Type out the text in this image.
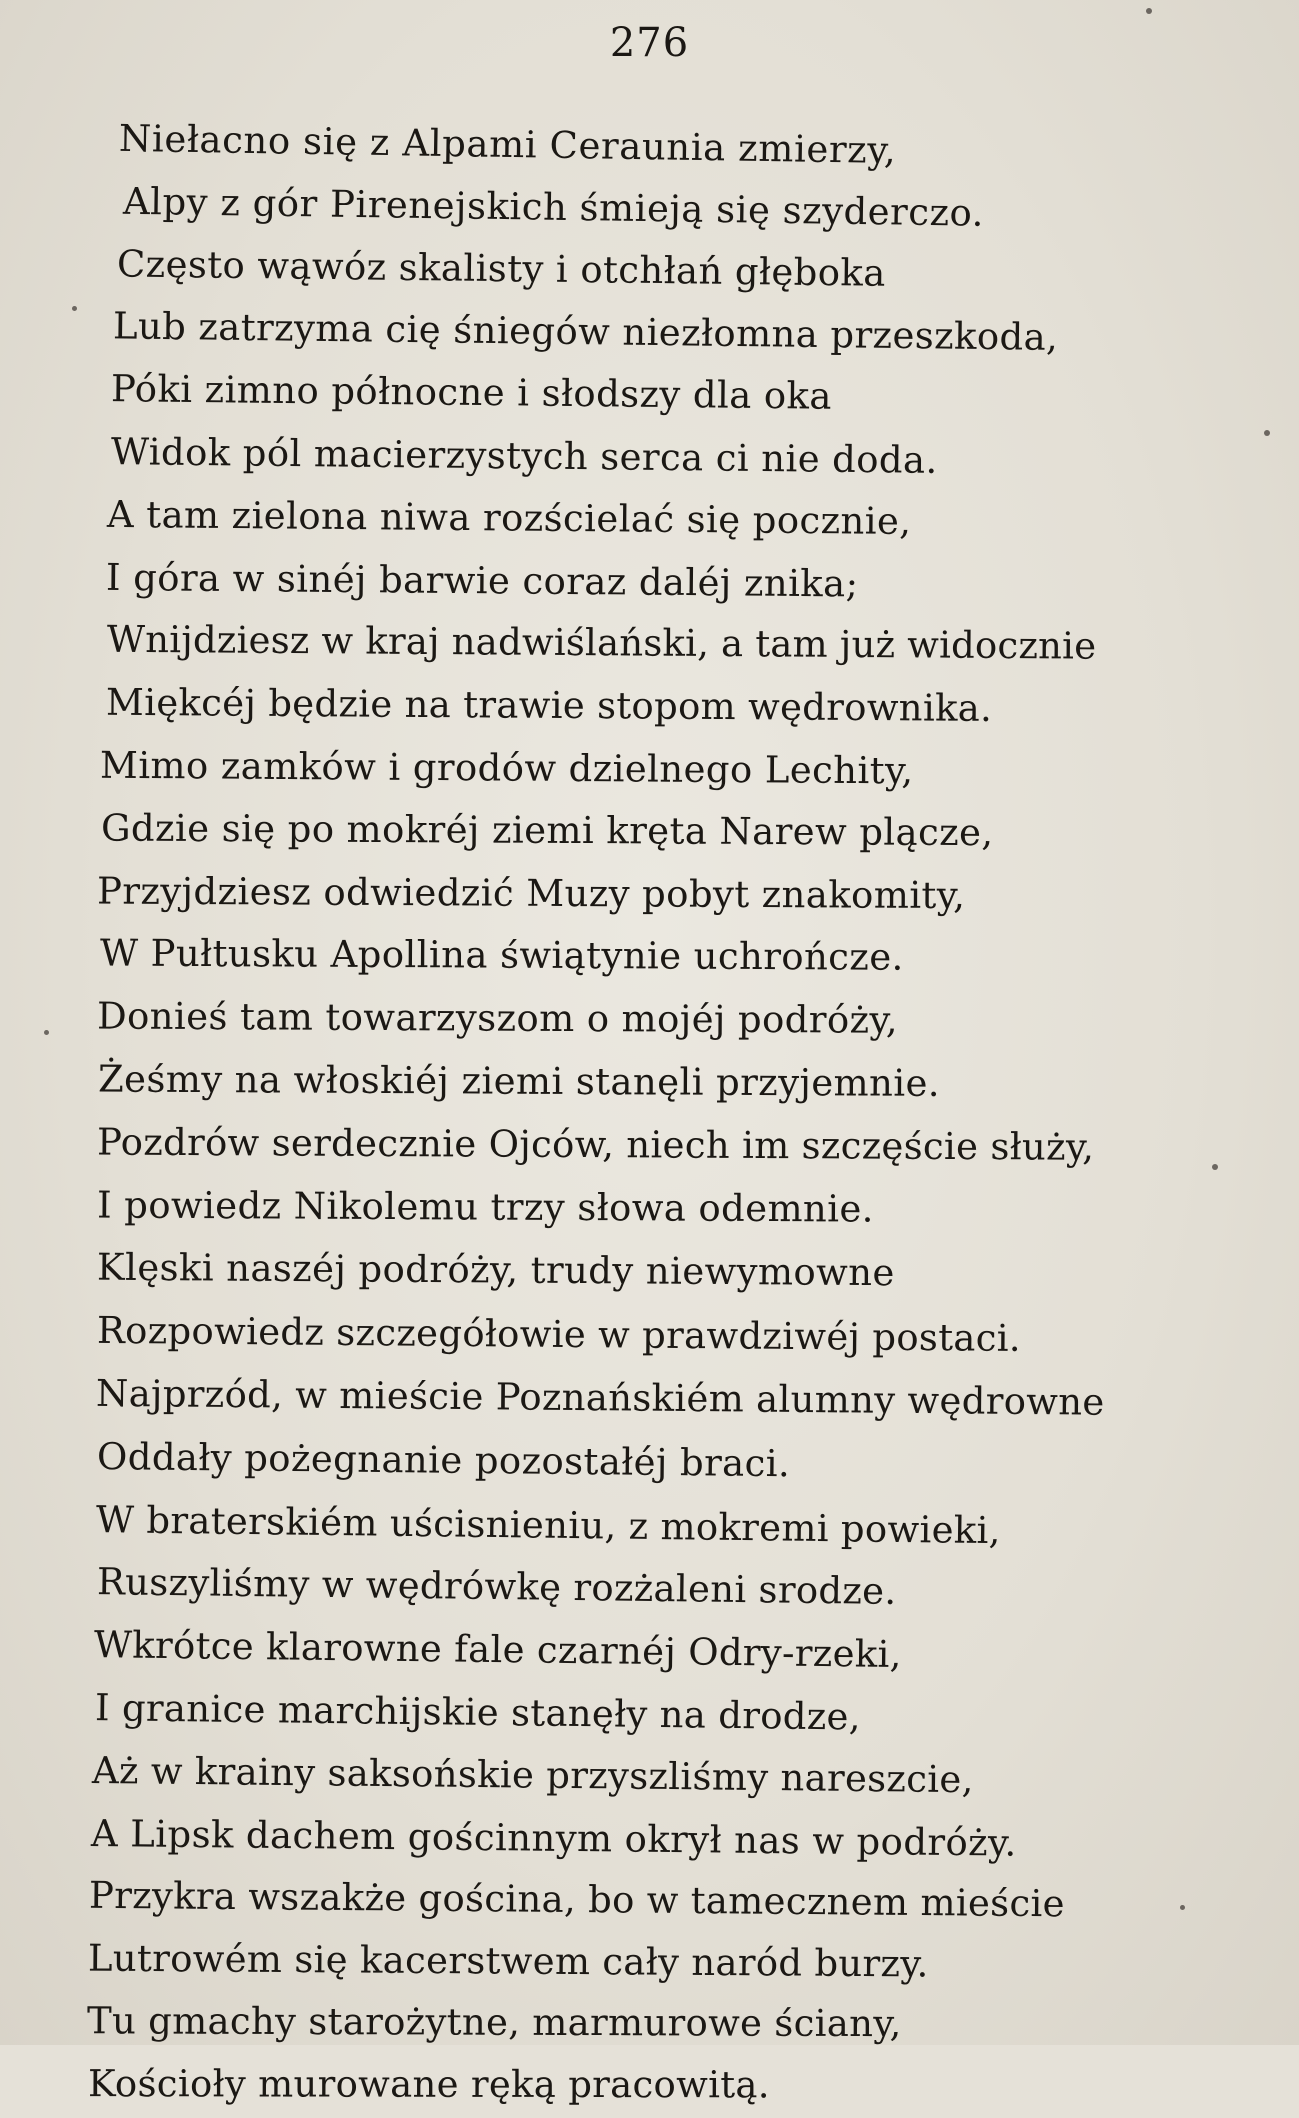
276
Niełacno się z Alpami Ceraunia zmierzy,
Alpy z gór Pirenejskich śmieją się szyderczo.
Często wąwóz skalisty i otchłań głęboka
Lub zatrzyma cię śniegów niezłomna przeszkoda,
Póki zimno północne i słodszy dla oka
Widok pól macierzystych serca ci nie doda.
A tam zielona niwa rozścielać się pocznie,
I góra w sinéj barwie coraz daléj znika;
Wnijdziesz w kraj nadwiślański, a tam już widocznie
Miękcéj będzie na trawie stopom wędrownika.
Mimo zamków i grodów dzielnego Lechity,
Gdzie się po mokréj ziemi kręta Narew plącze,
Przyjdziesz odwiedzić Muzy pobyt znakomity,
W Pułtusku Apollina świątynie uchrończe.
Donieś tam towarzyszom o mojéj podróży,
Żeśmy na włoskiéj ziemi stanęli przyjemnie.
Pozdrów serdecznie Ojców, niech im szczęście służy,
I powiedz Nikolemu trzy słowa odemnie.
Klęski naszéj podróży, trudy niewymowne
Rozpowiedz szczegółowie w prawdziwéj postaci.
Najprzód, w mieście Poznańskiém alumny wędrowne
Oddały pożegnanie pozostałéj braci.
W braterskiém uścisnieniu, z mokremi powieki,
Ruszyliśmy w wędrówkę rozżaleni srodze.
Wkrótce klarowne fale czarnéj Odry-rzeki,
I granice marchijskie stanęły na drodze,
Aż w krainy saksońskie przyszliśmy nareszcie,
A Lipsk dachem gościnnym okrył nas w podróży.
Przykra wszakże gościna, bo w tamecznem mieście
Lutrowém się kacerstwem cały naród burzy.
Tu gmachy starożytne, marmurowe ściany,
Kościoły murowane ręką pracowitą.
